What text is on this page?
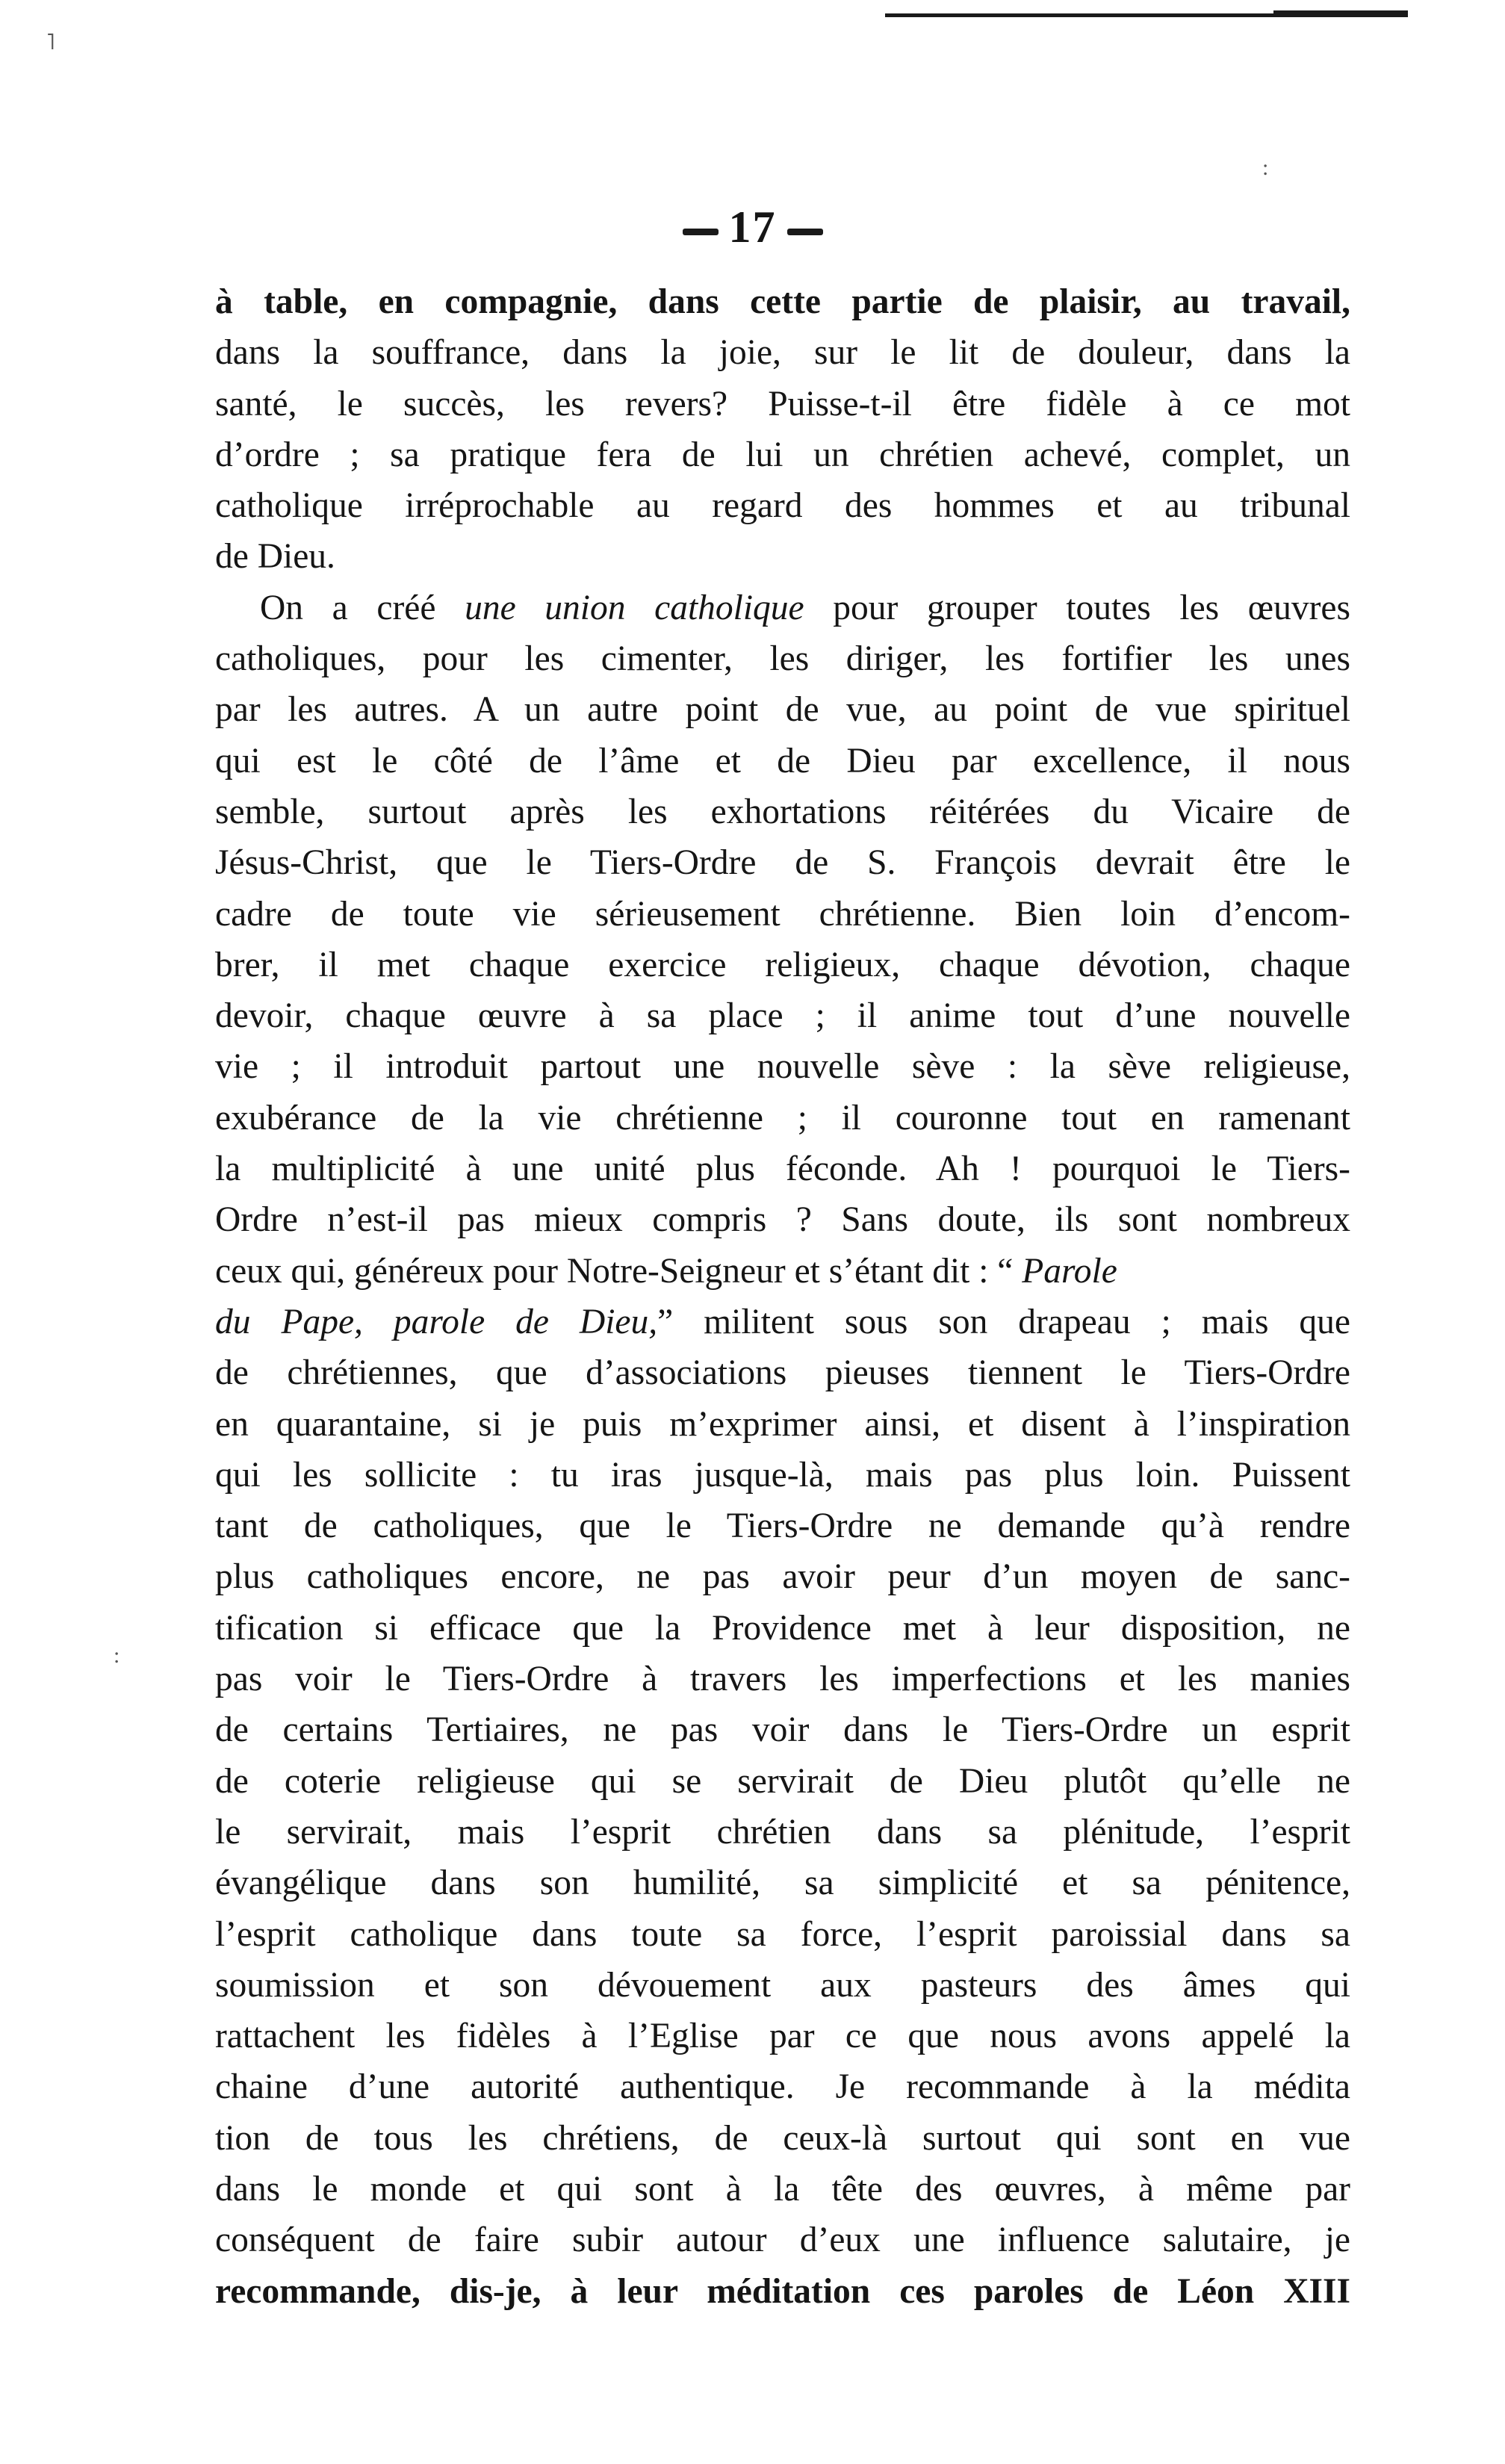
˥
:
:
17
à table, en compagnie, dans cette partie de plaisir, au travail,
dans la souffrance, dans la joie, sur le lit de douleur, dans la
santé, le succès, les revers? Puisse-t-il être fidèle à ce mot
d’ordre ; sa pratique fera de lui un chrétien achevé, complet, un
catholique irréprochable au regard des hommes et au tribunal
de Dieu.
On a créé une union catholique pour grouper toutes les œuvres
catholiques, pour les cimenter, les diriger, les fortifier les unes
par les autres. A un autre point de vue, au point de vue spirituel
qui est le côté de l’âme et de Dieu par excellence, il nous
semble, surtout après les exhortations réitérées du Vicaire de
Jésus-Christ, que le Tiers-Ordre de S. François devrait être le
cadre de toute vie sérieusement chrétienne. Bien loin d’encom-
brer, il met chaque exercice religieux, chaque dévotion, chaque
devoir, chaque œuvre à sa place ; il anime tout d’une nouvelle
vie ; il introduit partout une nouvelle sève : la sève religieuse,
exubérance de la vie chrétienne ; il couronne tout en ramenant
la multiplicité à une unité plus féconde. Ah ! pourquoi le Tiers-
Ordre n’est-il pas mieux compris ? Sans doute, ils sont nombreux
ceux qui, généreux pour Notre-Seigneur et s’étant dit : “ Parole
du Pape, parole de Dieu,” militent sous son drapeau ; mais que
de chrétiennes, que d’associations pieuses tiennent le Tiers-Ordre
en quarantaine, si je puis m’exprimer ainsi, et disent à l’inspiration
qui les sollicite : tu iras jusque-là, mais pas plus loin. Puissent
tant de catholiques, que le Tiers-Ordre ne demande qu’à rendre
plus catholiques encore, ne pas avoir peur d’un moyen de sanc-
tification si efficace que la Providence met à leur disposition, ne
pas voir le Tiers-Ordre à travers les imperfections et les manies
de certains Tertiaires, ne pas voir dans le Tiers-Ordre un esprit
de coterie religieuse qui se servirait de Dieu plutôt qu’elle ne
le servirait, mais l’esprit chrétien dans sa plénitude, l’esprit
évangélique dans son humilité, sa simplicité et sa pénitence,
l’esprit catholique dans toute sa force, l’esprit paroissial dans sa
soumission et son dévouement aux pasteurs des âmes qui
rattachent les fidèles à l’Eglise par ce que nous avons appelé la
chaine d’une autorité authentique. Je recommande à la médita
tion de tous les chrétiens, de ceux-là surtout qui sont en vue
dans le monde et qui sont à la tête des œuvres, à même par
conséquent de faire subir autour d’eux une influence salutaire, je
recommande, dis-je, à leur méditation ces paroles de Léon XIII
